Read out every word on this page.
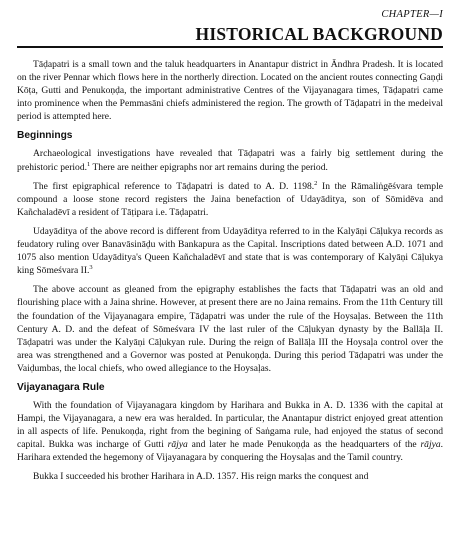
CHAPTER—I
HISTORICAL BACKGROUND

Tāḍapatri is a small town and the taluk headquarters in Anantapur district in Āndhra Pradesh. It is located on the river Pennar which flows here in the northerly direction. Located on the ancient routes connecting Gaṇḍi Kōṭa, Gutti and Penukoṇḍa, the important administrative Centres of the Vijayanagara times, Tāḍapatri came into prominence when the Pemmasāni chiefs administered the region. The growth of Tāḍapatri in the medeival period is attempted here.

Beginnings

Archaeological investigations have revealed that Tāḍapatri was a fairly big settlement during the prehistoric period.$^1$ There are neither epigraphs nor art remains during the period.

The first epigraphical reference to Tāḍapatri is dated to A. D. 1198.$^2$ In the Rāmaliṅgēśvara temple compound a loose stone record registers the Jaina benefaction of Udayāditya, son of Sōmidēva and Kañchaladēvī a resident of Tāṭipara i.e. Tāḍapatri.

Udayāditya of the above record is different from Udayāditya referred to in the Kalyāṇi Cāḷukya records as feudatory ruling over Banavāsināḍu with Bankapura as the Capital. Inscriptions dated between A.D. 1071 and 1075 also mention Udayāditya's Queen Kañchaladēvī and state that is was contemporary of Kalyāṇi Cāḷukya king Sōmeśvara II.$^3$

The above account as gleaned from the epigraphy establishes the facts that Tāḍapatri was an old and flourishing place with a Jaina shrine. However, at present there are no Jaina remains. From the 11th Century till the foundation of the Vijayanagara empire, Tāḍapatri was under the rule of the Hoysaḷas. Between the 11th Century A. D. and the defeat of Sōmeśvara IV the last ruler of the Cāḷukyan dynasty by the Ballāḷa II. Tāḍapatri was under the Kalyāṇi Cāḷukyan rule. During the reign of Ballāḷa III the Hoysaḷa control over the area was strengthened and a Governor was posted at Penukoṇḍa. During this period Tāḍapatri was under the Vaiḍumbas, the local chiefs, who owed allegiance to the Hoysaḷas.

Vijayanagara Rule

With the foundation of Vijayanagara kingdom by Harihara and Bukka in A. D. 1336 with the capital at Hampi, the Vijayanagara, a new era was heralded. In particular, the Anantapur district enjoyed great attention in all aspects of life. Penukoṇḍa, right from the begining of Saṅgama rule, had enjoyed the status of second capital. Bukka was incharge of Gutti rājya and later he made Penukoṇḍa as the headquarters of the rājya. Harihara extended the hegemony of Vijayanagara by conquering the Hoysaḷas and the Tamil country.

Bukka I succeeded his brother Harihara in A.D. 1357. His reign marks the conquest and
